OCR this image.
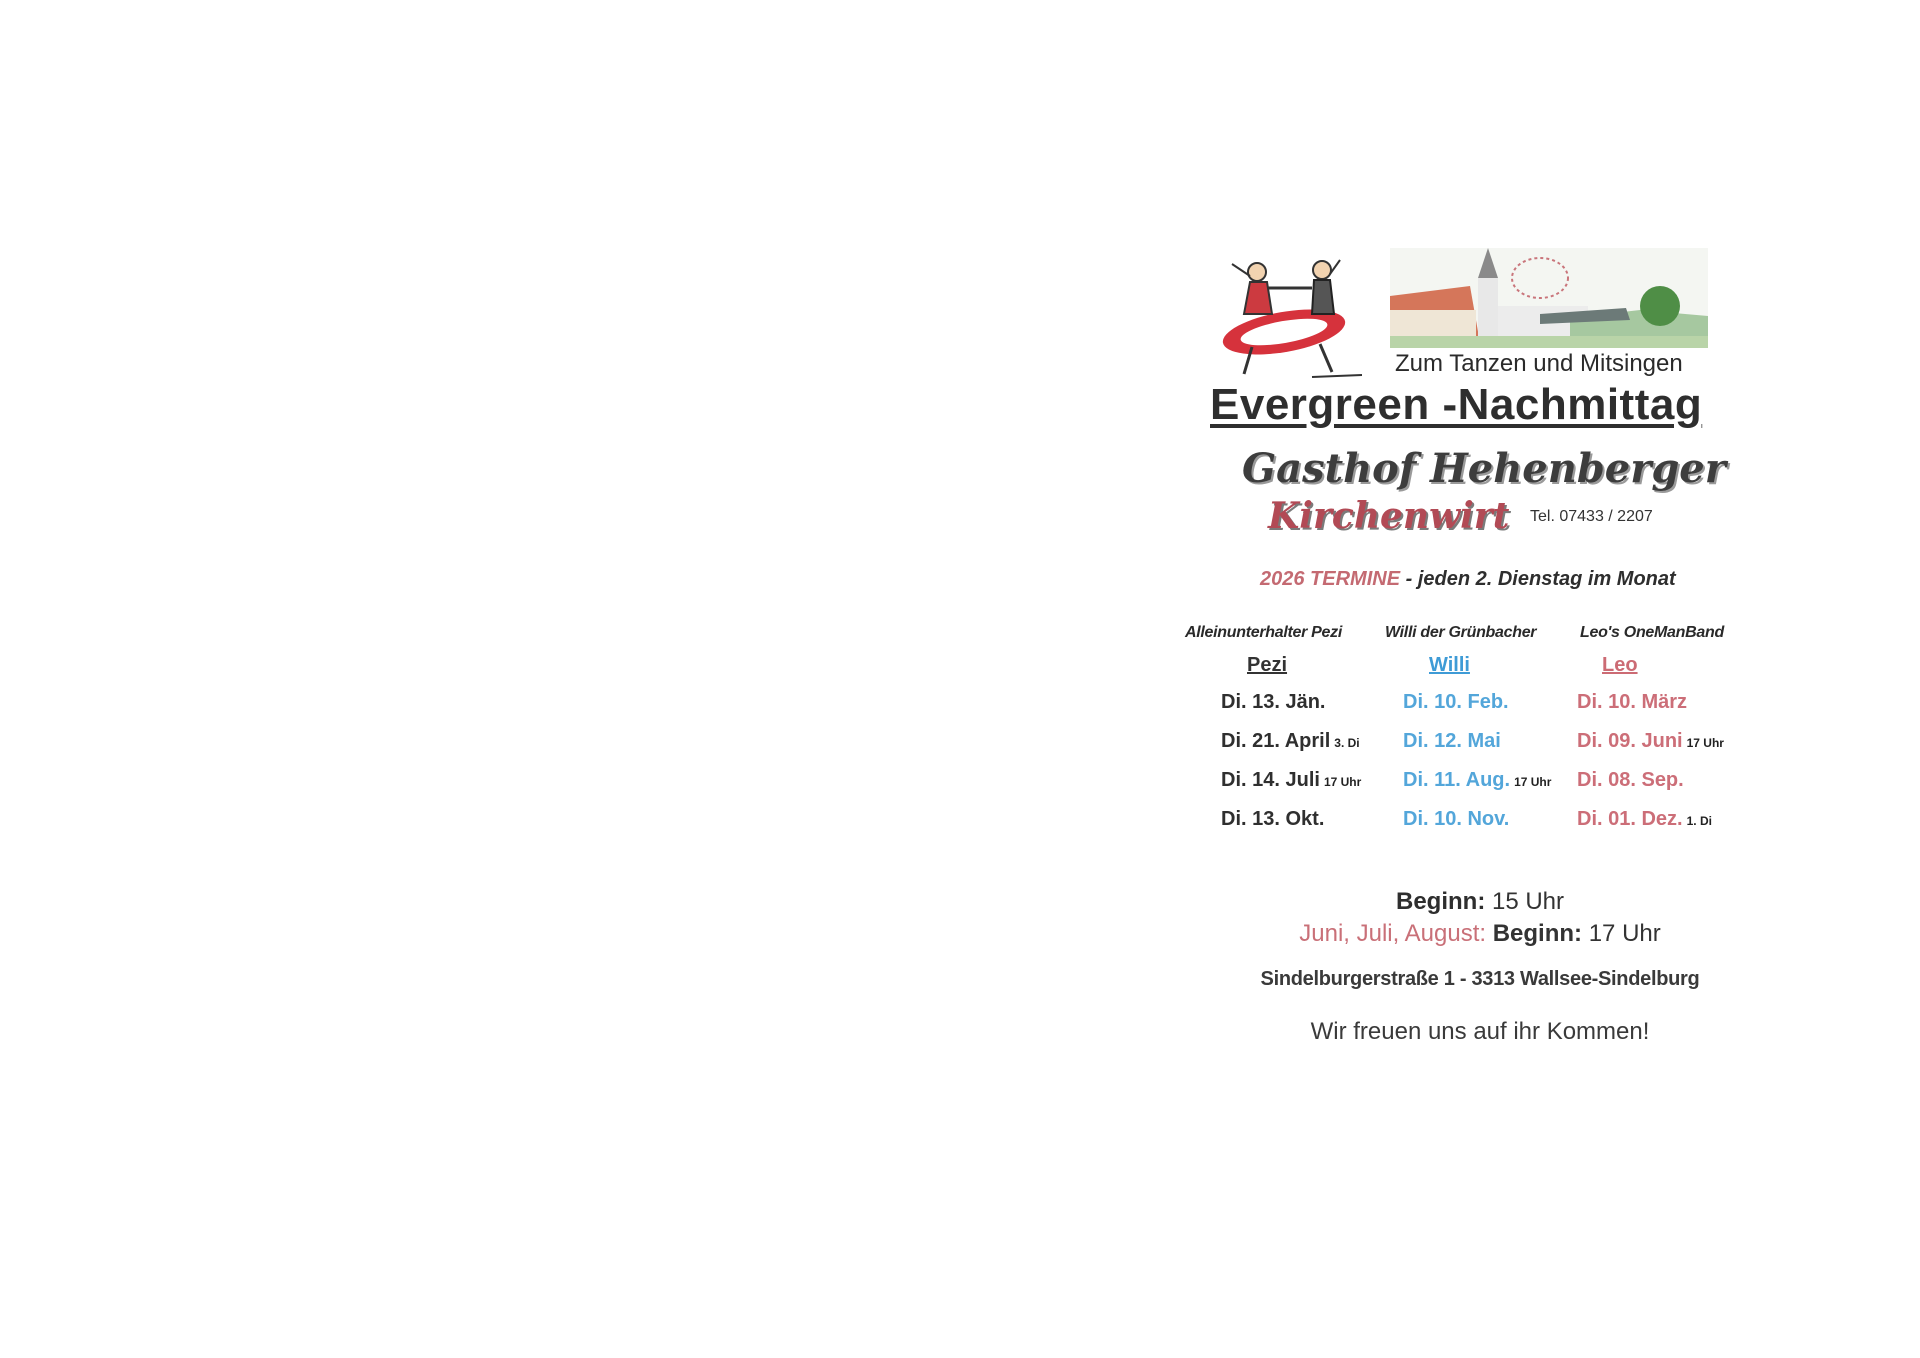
Zum Tanzen und Mitsingen
Evergreen -Nachmittag
Gasthof Hehenberger
Kirchenwirt Tel. 07433 / 2207
2026 TERMINE - jeden 2. Dienstag im Monat
Alleinunterhalter Pezi
Pezi
Di. 13. Jän.
Di. 21. April 3. Di
Di. 14. Juli 17 Uhr
Di. 13. Okt.
Willi der Grünbacher
Willi
Di. 10. Feb.
Di. 12. Mai
Di. 11. Aug. 17 Uhr
Di. 10. Nov.
Leo's OneManBand
Leo
Di. 10. März
Di. 09. Juni 17 Uhr
Di. 08. Sep.
Di. 01. Dez. 1. Di
Beginn: 15 Uhr
Juni, Juli, August: Beginn: 17 Uhr
Sindelburgerstraße 1 - 3313 Wallsee-Sindelburg
Wir freuen uns auf ihr Kommen!
